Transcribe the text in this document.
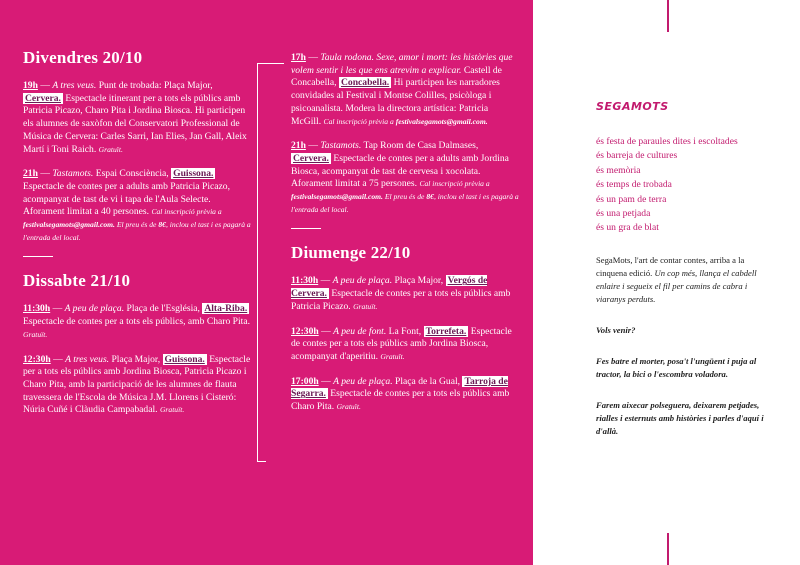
Divendres 20/10

19h — A tres veus. Punt de trobada: Plaça Major, Cervera. Espectacle itinerant per a tots els públics amb Patricia Picazo, Charo Pita i Jordina Biosca. Hi participen els alumnes de saxòfon del Conservatori Professional de Música de Cervera: Carles Sarri, Ian Elies, Jan Gall, Aleix Martí i Toni Raich. Gratuït.

21h — Tastamots. Espai Consciència, Guissona. Espectacle de contes per a adults amb Patricia Picazo, acompanyat de tast de vi i tapa de l'Aula Selecte. Aforament limitat a 40 persones. Cal inscripció prèvia a festivalsegamots@gmail.com. El preu és de 8€, inclou el tast i es pagarà a l'entrada del local.

Dissabte 21/10

11:30h — A peu de plaça. Plaça de l'Església, Alta-Riba. Espectacle de contes per a tots els públics, amb Charo Pita. Gratuït.

12:30h — A tres veus. Plaça Major, Guissona. Espectacle per a tots els públics amb Jordina Biosca, Patricia Picazo i Charo Pita, amb la participació de les alumnes de flauta travessera de l'Escola de Música J.M. Llorens i Cisteró: Núria Cuñé i Clàudia Campabadal. Gratuït.

17h — Taula rodona. Sexe, amor i mort: les històries que volem sentir i les que ens atrevim a explicar. Castell de Concabella, Concabella. Hi participen les narradores convidades al Festival i Montse Colilles, psicòloga i psicoanalista. Modera la directora artística: Patricia McGill. Cal inscripció prèvia a festivalsegamots@gmail.com.

21h — Tastamots. Tap Room de Casa Dalmases, Cervera. Espectacle de contes per a adults amb Jordina Biosca, acompanyat de tast de cervesa i xocolata. Aforament limitat a 75 persones. Cal inscripció prèvia a festivalsegamots@gmail.com. El preu és de 8€, inclou el tast i es pagarà a l'entrada del local.

Diumenge 22/10

11:30h — A peu de plaça. Plaça Major, Vergós de Cervera. Espectacle de contes per a tots els públics amb Patricia Picazo. Gratuït.

12:30h — A peu de font. La Font, Torrefeta. Espectacle de contes per a tots els públics amb Jordina Biosca, acompanyat d'aperitiu. Gratuït.

17:00h — A peu de plaça. Plaça de la Gual, Tarroja de Segarra. Espectacle de contes per a tots els públics amb Charo Pita. Gratuït.

SEGAMOTS
és festa de paraules dites i escoltades
és barreja de cultures
és memòria
és temps de trobada
és un pam de terra
és una petjada
és un gra de blat

SegaMots, l'art de contar contes, arriba a la cinquena edició. Un cop més, llança el cabdell enlaire i segueix el fil per camins de cabra i viaranys perduts.

Vols venir?

Fes batre el morter, posa't l'ungüent i puja al tractor, la bici o l'escombra voladora.

Farem aixecar polseguera, deixarem petjades, rialles i esternuts amb històries i parles d'aquí i d'allà.
